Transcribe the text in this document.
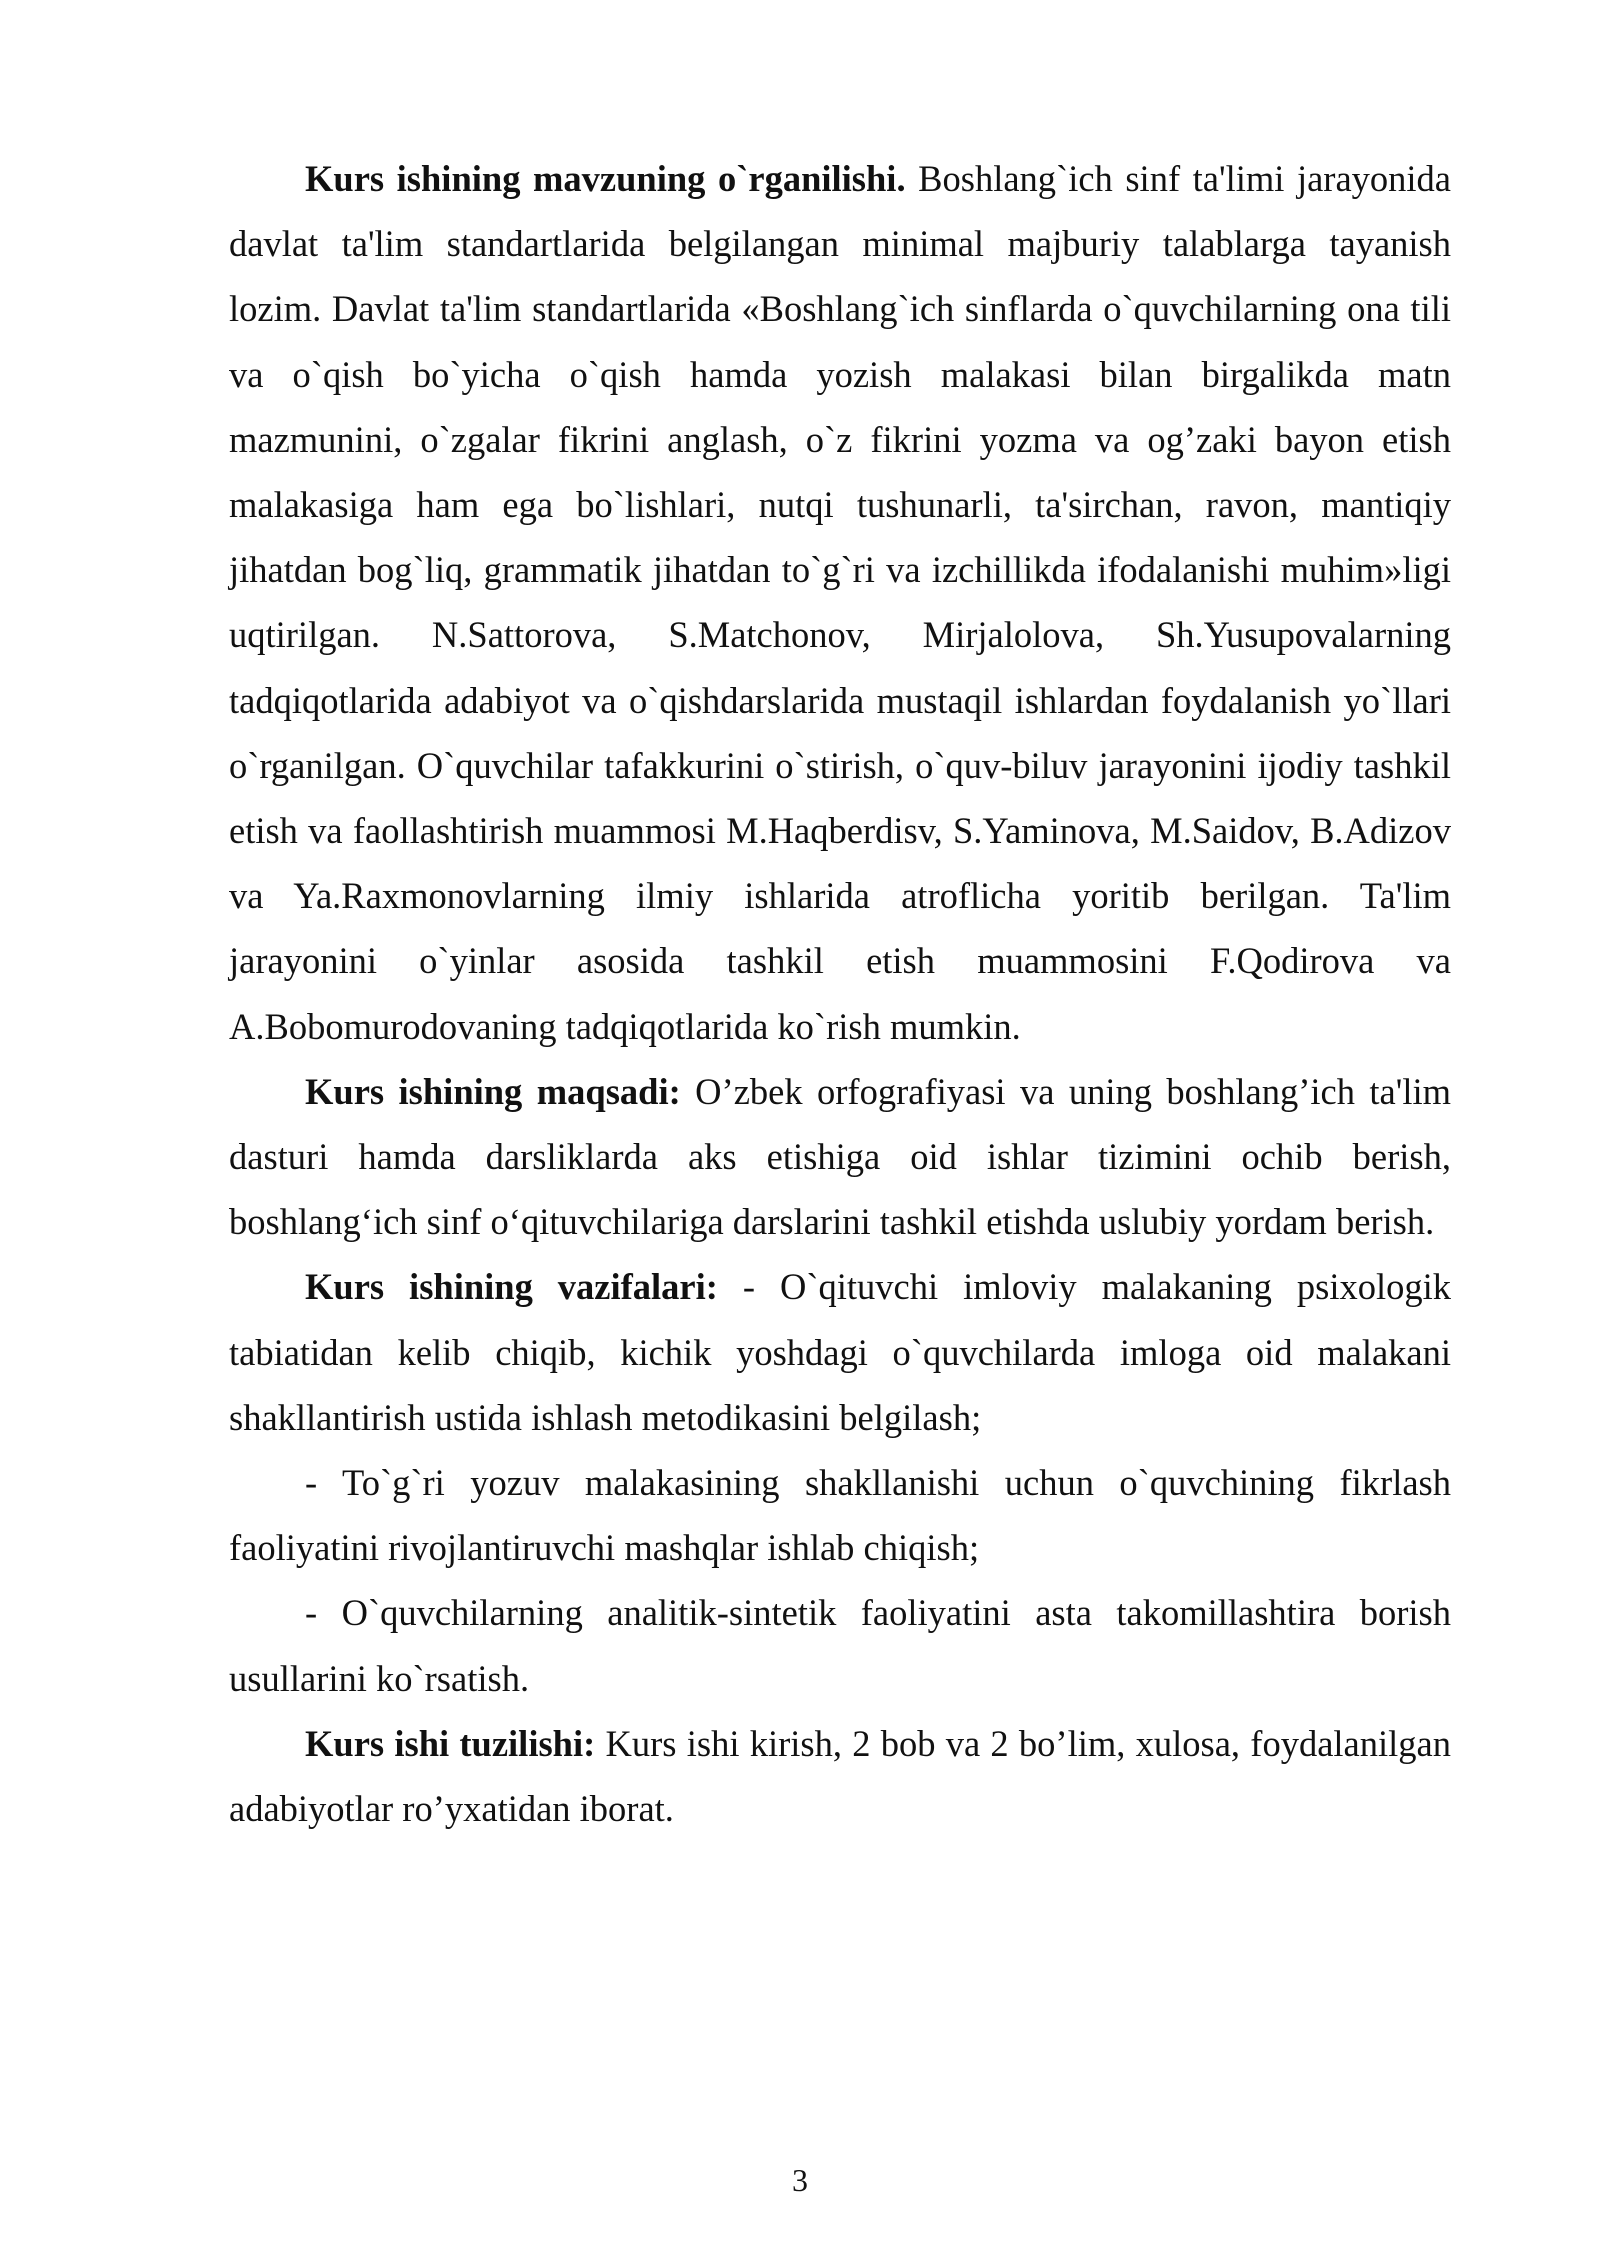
Kurs ishining mavzuning o`rganilishi. Boshlang`ich sinf ta'limi jarayonida davlat ta'lim standartlarida belgilangan minimal majburiy talablarga tayanish lozim. Davlat ta'lim standartlarida «Boshlang`ich sinflarda o`quvchilarning ona tili va o`qish bo`yicha o`qish hamda yozish malakasi bilan birgalikda matn mazmunini, o`zgalar fikrini anglash, o`z fikrini yozma va og’zaki bayon etish malakasiga ham ega bo`lishlari, nutqi tushunarli, ta'sirchan, ravon, mantiqiy jihatdan bog`liq, grammatik jihatdan to`g`ri va izchillikda ifodalanishi muhim»ligi uqtirilgan. N.Sattorova, S.Matchonov, Mirjalolova, Sh.Yusupovalarning tadqiqotlarida adabiyot va o`qishdarslarida mustaqil ishlardan foydalanish yo`llari o`rganilgan. O`quvchilar tafakkurini o`stirish, o`quv-biluv jarayonini ijodiy tashkil etish va faollashtirish muammosi M.Haqberdisv, S.Yaminova, M.Saidov, B.Adizov va Ya.Raxmonovlarning ilmiy ishlarida atroflicha yoritib berilgan. Ta'lim jarayonini o`yinlar asosida tashkil etish muammosini F.Qodirova va A.Bobomurodovaning tadqiqotlarida ko`rish mumkin.

Kurs ishining maqsadi: O’zbek orfografiyasi va uning boshlang’ich ta'lim dasturi hamda darsliklarda aks etishiga oid ishlar tizimini ochib berish, boshlang‘ich sinf o‘qituvchilariga darslarini tashkil etishda uslubiy yordam berish.

Kurs ishining vazifalari: - O`qituvchi imloviy malakaning psixologik tabiatidan kelib chiqib, kichik yoshdagi o`quvchilarda imloga oid malakani shakllantirish ustida ishlash metodikasini belgilash;

- To`g`ri yozuv malakasining shakllanishi uchun o`quvchining fikrlash faoliyatini rivojlantiruvchi mashqlar ishlab chiqish;

- O`quvchilarning analitik-sintetik faoliyatini asta takomillashtira borish usullarini ko`rsatish.

Kurs ishi tuzilishi: Kurs ishi kirish, 2 bob va 2 bo’lim, xulosa, foydalanilgan adabiyotlar ro’yxatidan iborat.

3
